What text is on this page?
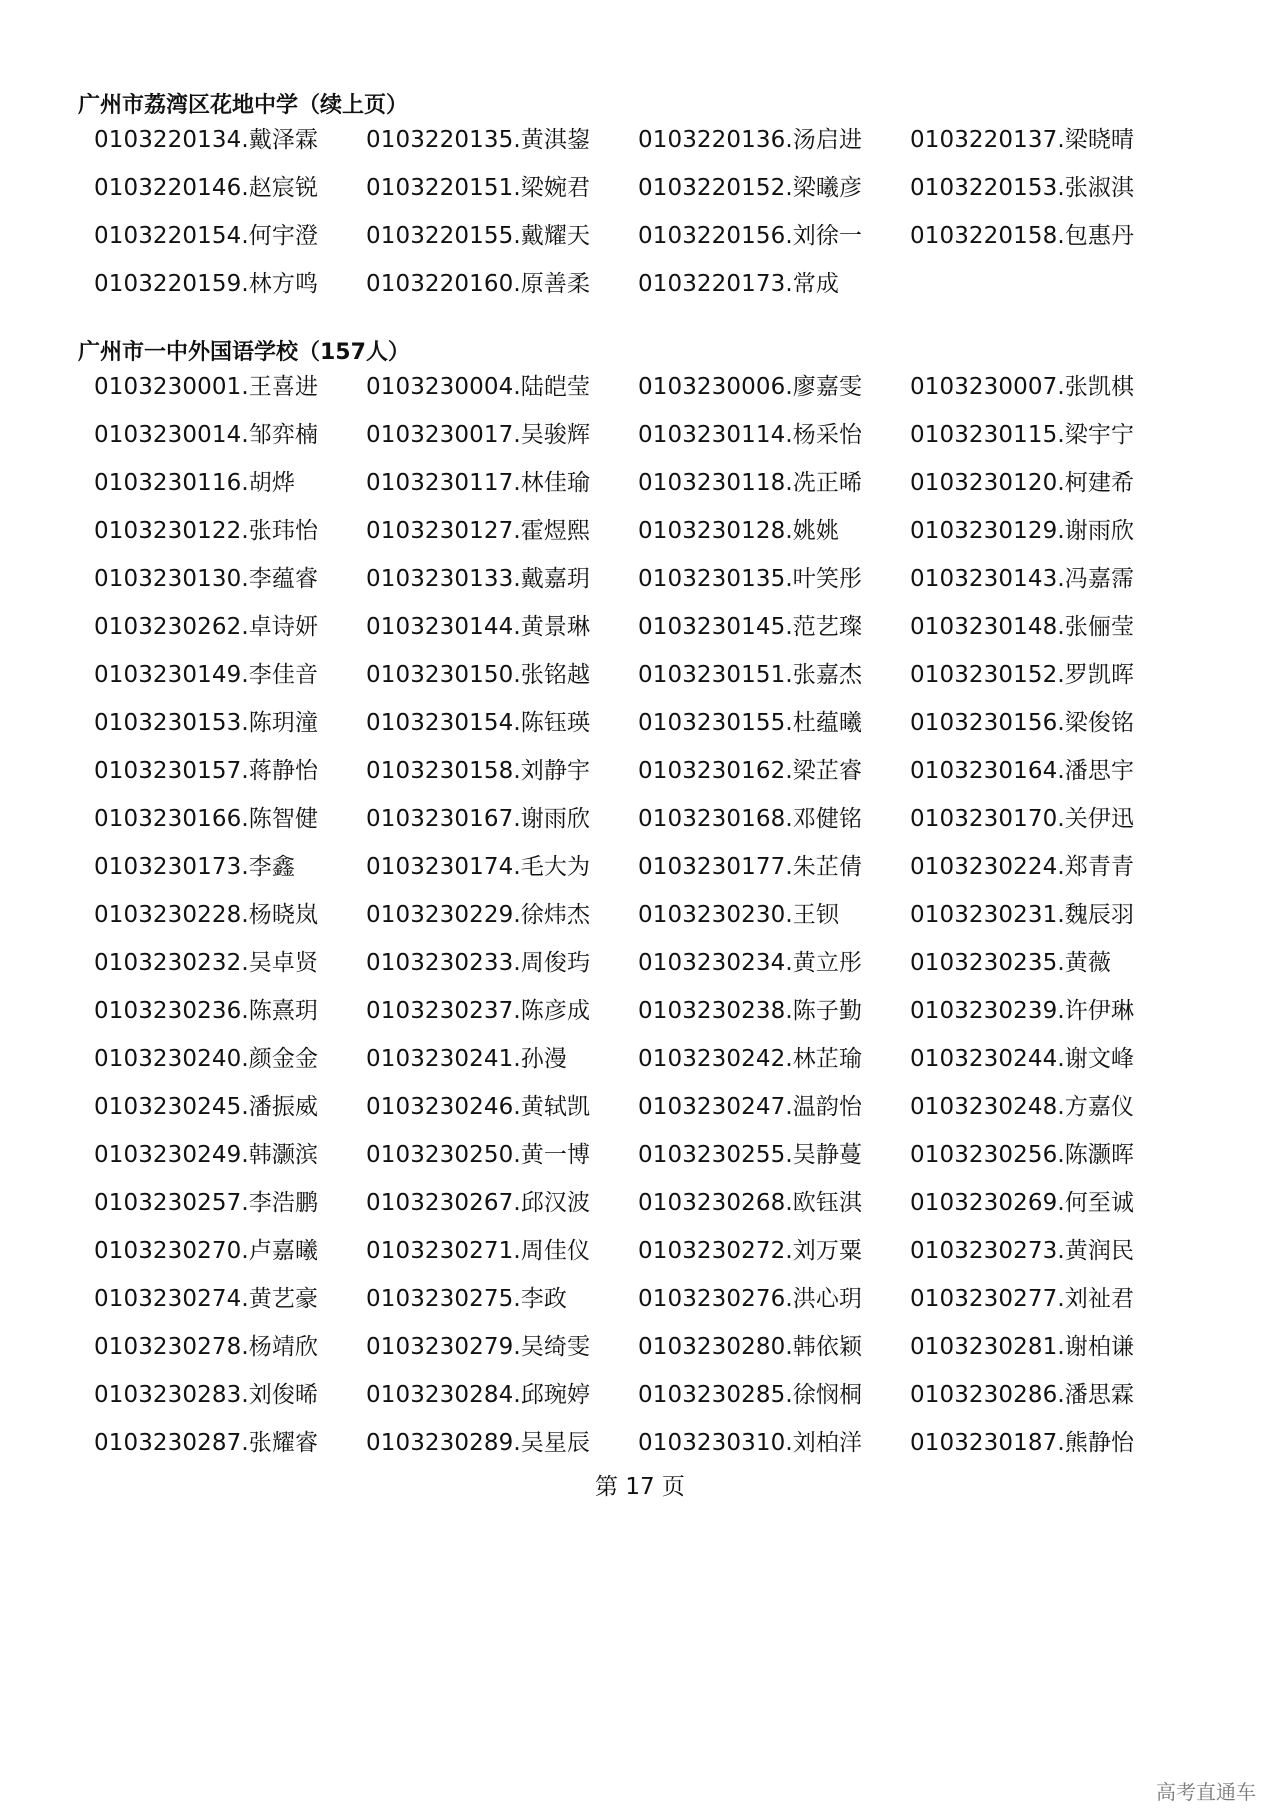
广州市荔湾区花地中学（续上页）
0103220134.戴泽霖	0103220135.黄淇鋆	0103220136.汤启进	0103220137.梁晓晴
0103220146.赵宸锐	0103220151.梁婉君	0103220152.梁曦彦	0103220153.张淑淇
0103220154.何宇澄	0103220155.戴耀天	0103220156.刘徐一	0103220158.包惠丹
0103220159.林方鸣	0103220160.原善柔	0103220173.常成
广州市一中外国语学校（157人）
0103230001.王喜进	0103230004.陆皑莹	0103230006.廖嘉雯	0103230007.张凯棋
0103230014.邹弈楠	0103230017.吴骏辉	0103230114.杨采怡	0103230115.梁宇宁
0103230116.胡烨	0103230117.林佳瑜	0103230118.冼正晞	0103230120.柯建希
0103230122.张玮怡	0103230127.霍煜熙	0103230128.姚姚	0103230129.谢雨欣
0103230130.李蕴睿	0103230133.戴嘉玥	0103230135.叶笑彤	0103230143.冯嘉霈
0103230262.卓诗妍	0103230144.黄景琳	0103230145.范艺璨	0103230148.张俪莹
0103230149.李佳音	0103230150.张铭越	0103230151.张嘉杰	0103230152.罗凯晖
0103230153.陈玥潼	0103230154.陈钰瑛	0103230155.杜蕴曦	0103230156.梁俊铭
0103230157.蒋静怡	0103230158.刘静宇	0103230162.梁芷睿	0103230164.潘思宇
0103230166.陈智健	0103230167.谢雨欣	0103230168.邓健铭	0103230170.关伊迅
0103230173.李鑫	0103230174.毛大为	0103230177.朱芷倩	0103230224.郑青青
0103230228.杨晓岚	0103230229.徐炜杰	0103230230.王钡	0103230231.魏辰羽
0103230232.吴卓贤	0103230233.周俊玙	0103230234.黄立彤	0103230235.黄薇
0103230236.陈熹玥	0103230237.陈彦成	0103230238.陈子勤	0103230239.许伊琳
0103230240.颜金金	0103230241.孙漫	0103230242.林芷瑜	0103230244.谢文峰
0103230245.潘振威	0103230246.黄轼凯	0103230247.温韵怡	0103230248.方嘉仪
0103230249.韩灏滨	0103230250.黄一博	0103230255.吴静蔓	0103230256.陈灏晖
0103230257.李浩鹏	0103230267.邱汉波	0103230268.欧钰淇	0103230269.何至诚
0103230270.卢嘉曦	0103230271.周佳仪	0103230272.刘万粟	0103230273.黄润民
0103230274.黄艺豪	0103230275.李政	0103230276.洪心玥	0103230277.刘祉君
0103230278.杨靖欣	0103230279.吴绮雯	0103230280.韩依颖	0103230281.谢柏谦
0103230283.刘俊晞	0103230284.邱琬婷	0103230285.徐悯桐	0103230286.潘思霖
0103230287.张耀睿	0103230289.吴星辰	0103230310.刘柏洋	0103230187.熊静怡
第 17 页
高考直通车
